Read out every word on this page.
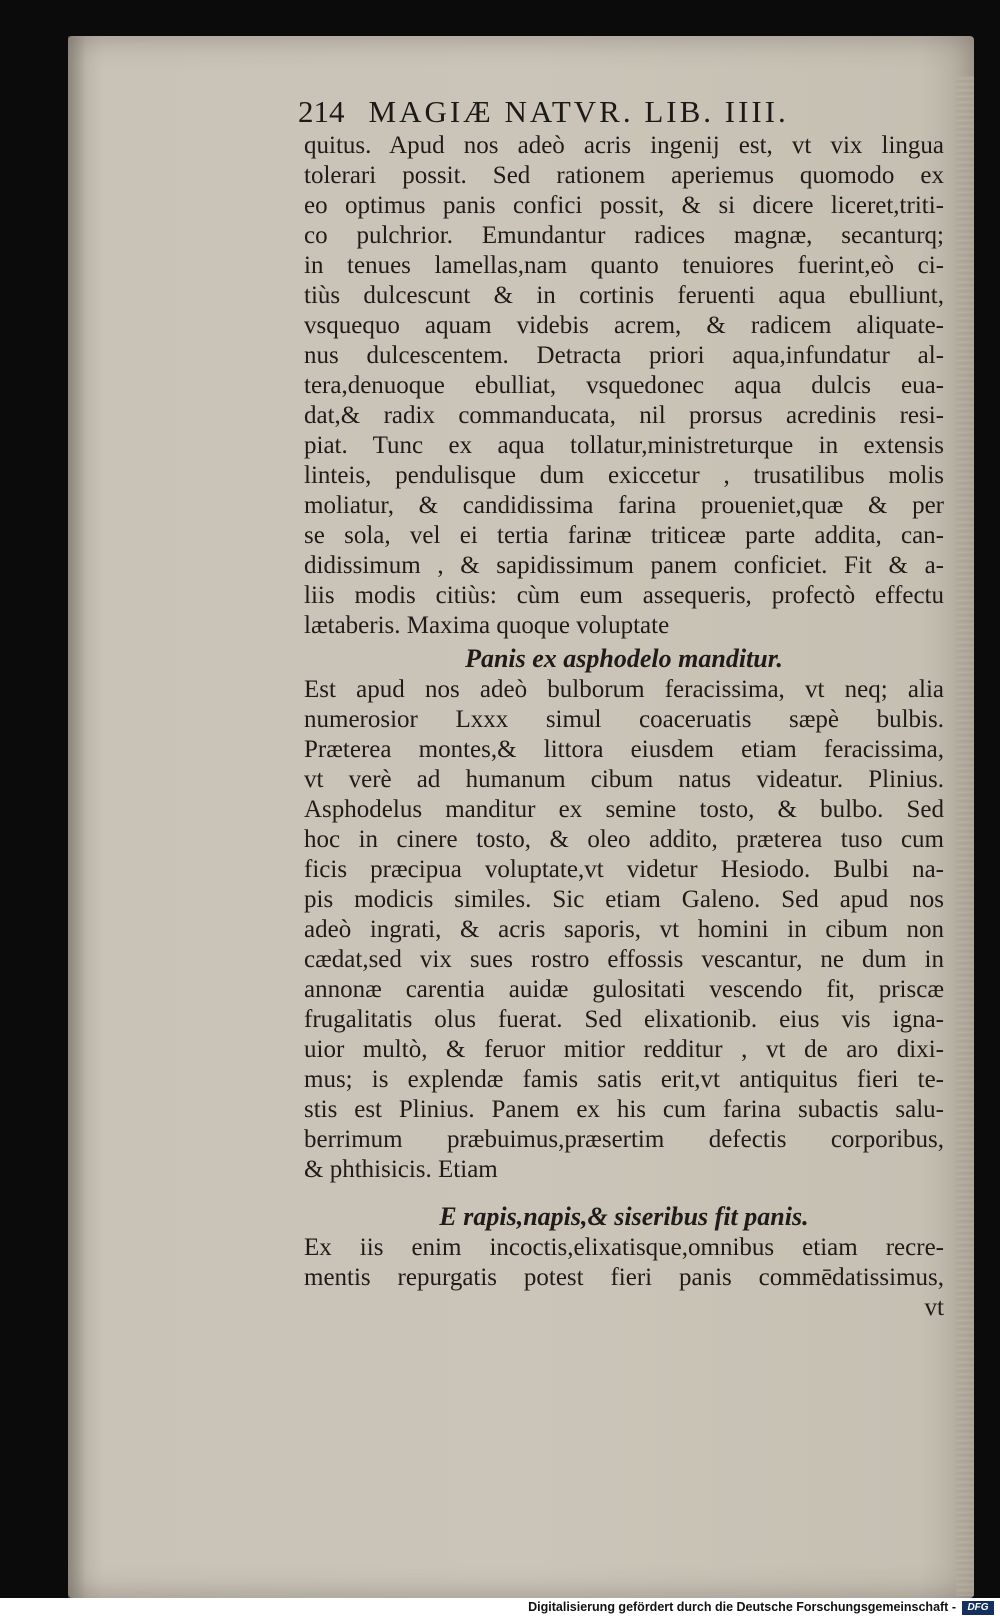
214 MAGIÆ NATVR. LIB. IIII.
quitus. Apud nos adeò acris ingenij est, vt vix lingua
tolerari possit. Sed rationem aperiemus quomodo ex
eo optimus panis confici possit, & si dicere liceret,triti-
co pulchrior. Emundantur radices magnæ, secanturq;
in tenues lamellas,nam quanto tenuiores fuerint,eò ci-
tiùs dulcescunt & in cortinis feruenti aqua ebulliunt,
vsquequo aquam videbis acrem, & radicem aliquate-
nus dulcescentem. Detracta priori aqua,infundatur al-
tera,denuoque ebulliat, vsquedonec aqua dulcis eua-
dat,& radix commanducata, nil prorsus acredinis resi-
piat. Tunc ex aqua tollatur,ministreturque in extensis
linteis, pendulisque dum exiccetur , trusatilibus molis
moliatur, & candidissima farina proueniet,quæ & per
se sola, vel ei tertia farinæ triticeæ parte addita, can-
didissimum , & sapidissimum panem conficiet. Fit & a-
liis modis citiùs: cùm eum assequeris, profectò effectu
lætaberis. Maxima quoque voluptate
Panis ex asphodelo manditur.
Est apud nos adeò bulborum feracissima, vt neq; alia
numerosior Lxxx simul coaceruatis sæpè bulbis.
Præterea montes,& littora eiusdem etiam feracissima,
vt verè ad humanum cibum natus videatur. Plinius.
Asphodelus manditur ex semine tosto, & bulbo. Sed
hoc in cinere tosto, & oleo addito, præterea tuso cum
ficis præcipua voluptate,vt videtur Hesiodo. Bulbi na-
pis modicis similes. Sic etiam Galeno. Sed apud nos
adeò ingrati, & acris saporis, vt homini in cibum non
cædat,sed vix sues rostro effossis vescantur, ne dum in
annonæ carentia auidæ gulositati vescendo fit, priscæ
frugalitatis olus fuerat. Sed elixationib. eius vis igna-
uior multò, & feruor mitior redditur , vt de aro dixi-
mus; is explendæ famis satis erit,vt antiquitus fieri te-
stis est Plinius. Panem ex his cum farina subactis salu-
berrimum præbuimus,præsertim defectis corporibus,
& phthisicis. Etiam
E rapis,napis,& siseribus fit panis.
Ex iis enim incoctis,elixatisque,omnibus etiam recre-
mentis repurgatis potest fieri panis commēdatissimus,
vt
Digitalisierung gefördert durch die Deutsche Forschungsgemeinschaft -	DFG
